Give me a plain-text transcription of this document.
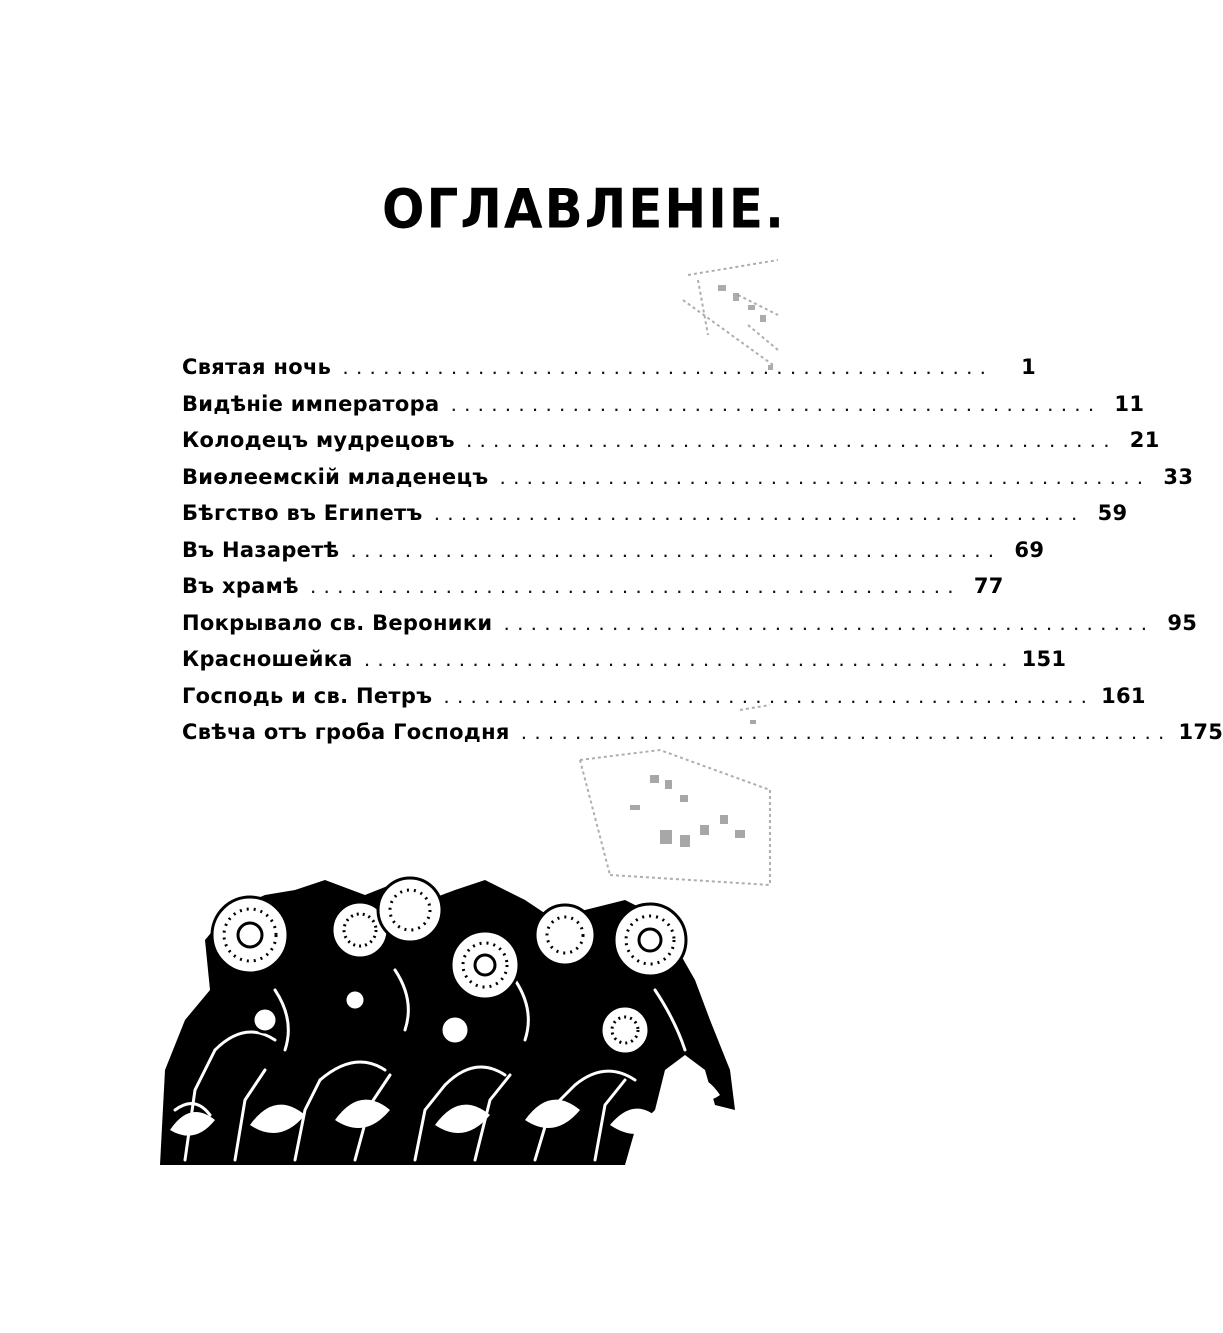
ОГЛАВЛЕНІЕ.
Святая ночь ................................................	1
Видѣніе императора ................................................ 11
Колодецъ мудрецовъ ................................................ 21
Виѳлеемскій младенецъ ................................................ 33
Бѣгство въ Египетъ ................................................ 59
Въ Назаретѣ ................................................ 69
Въ храмѣ ................................................ 77
Покрывало св. Вероники ................................................ 95
Красношейка ................................................ 151
Господь и св. Петръ ................................................ 161
Свѣча отъ гроба Господня ................................................ 175
